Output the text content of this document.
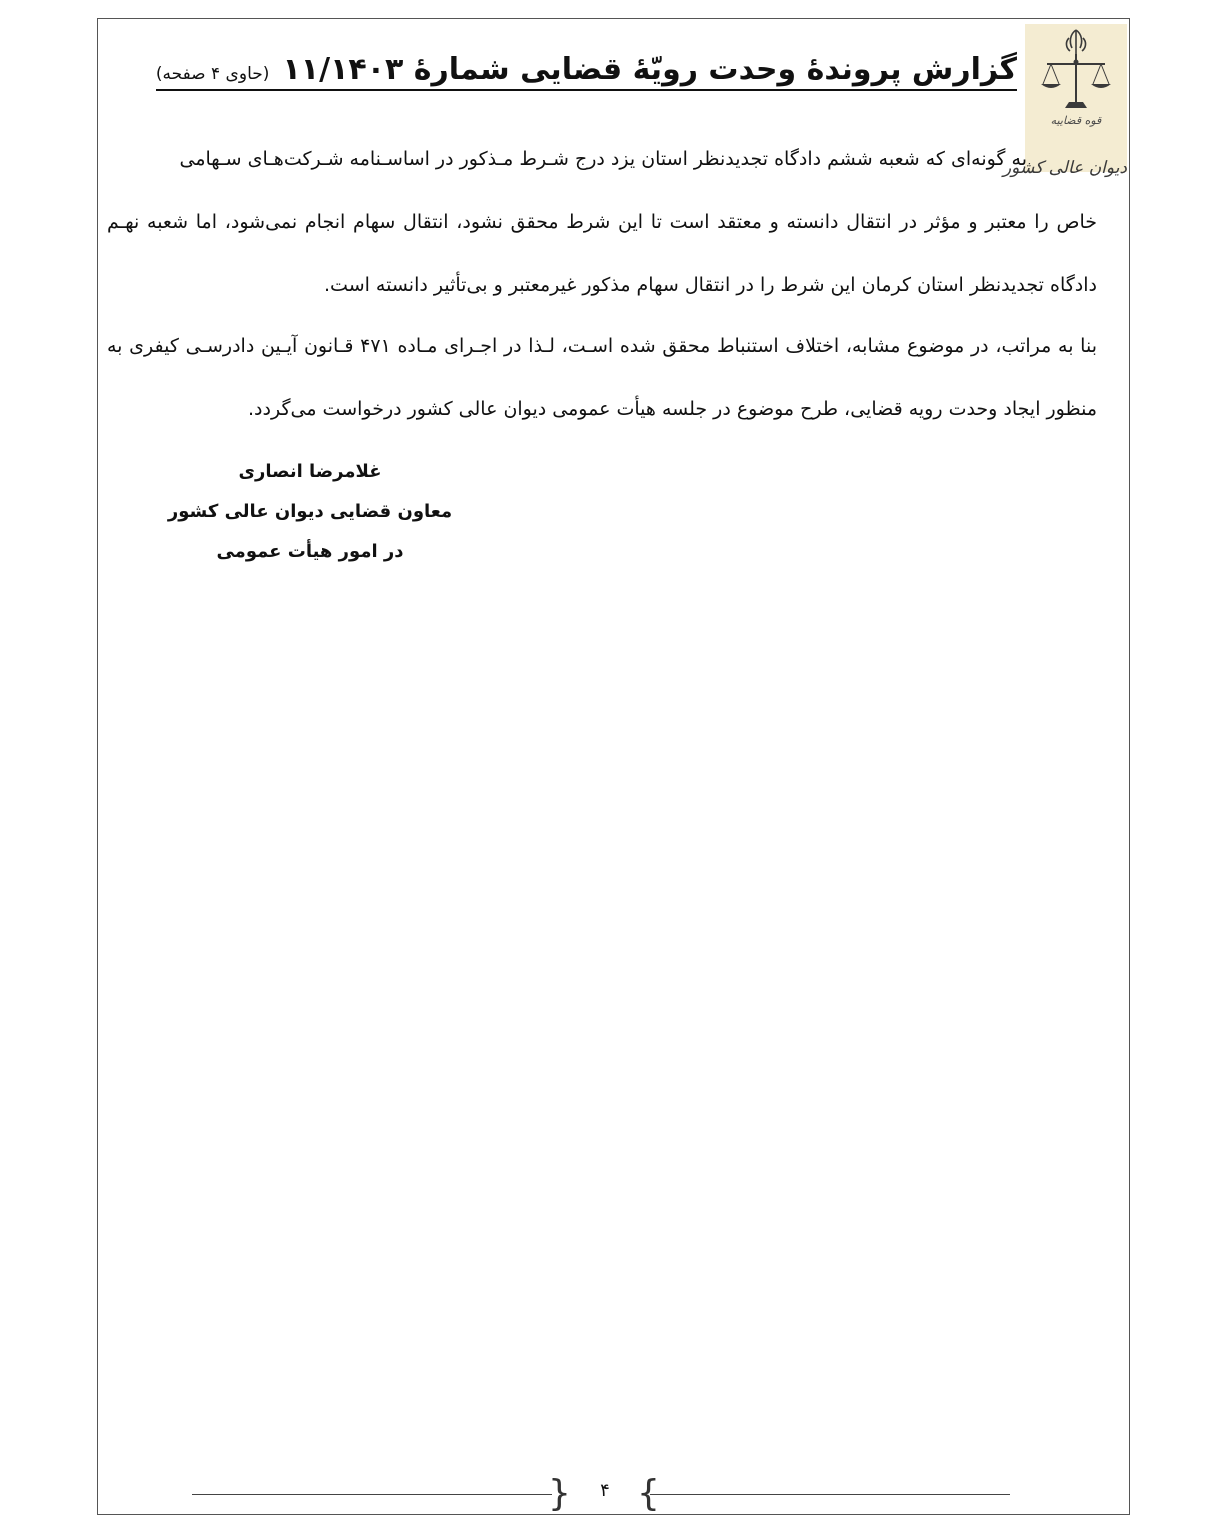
قوه قضاییه
دیوان عالی کشور
گزارش پروندهٔ وحدت رویّهٔ قضایی شمارهٔ ۱۱/۱۴۰۳ (حاوی ۴ صفحه)
به گونه‌ای که شعبه ششم دادگاه تجدیدنظر استان یزد درج شـرط مـذکور در اساسـنامه شـرکت‌هـای سـهامی
خاص را معتبر و مؤثر در انتقال دانسته و معتقد است تا این شرط محقق نشود، انتقال سهام انجام نمی‌شود، اما شعبه نهـم دادگاه تجدیدنظر استان کرمان این شرط را در انتقال سهام مذکور غیرمعتبر و بی‌تأثیر دانسته است.
بنا به مراتب، در موضوع مشابه، اختلاف استنباط محقق شده اسـت، لـذا در اجـرای مـاده ۴۷۱ قـانون آیـین دادرسـی کیفری به منظور ایجاد وحدت رویه قضایی، طرح موضوع در جلسه هیأت عمومی دیوان عالی کشور درخواست می‌گردد.
غلامرضا انصاری
معاون قضایی دیوان عالی کشور
در امور هیأت عمومی
}	۴ {
